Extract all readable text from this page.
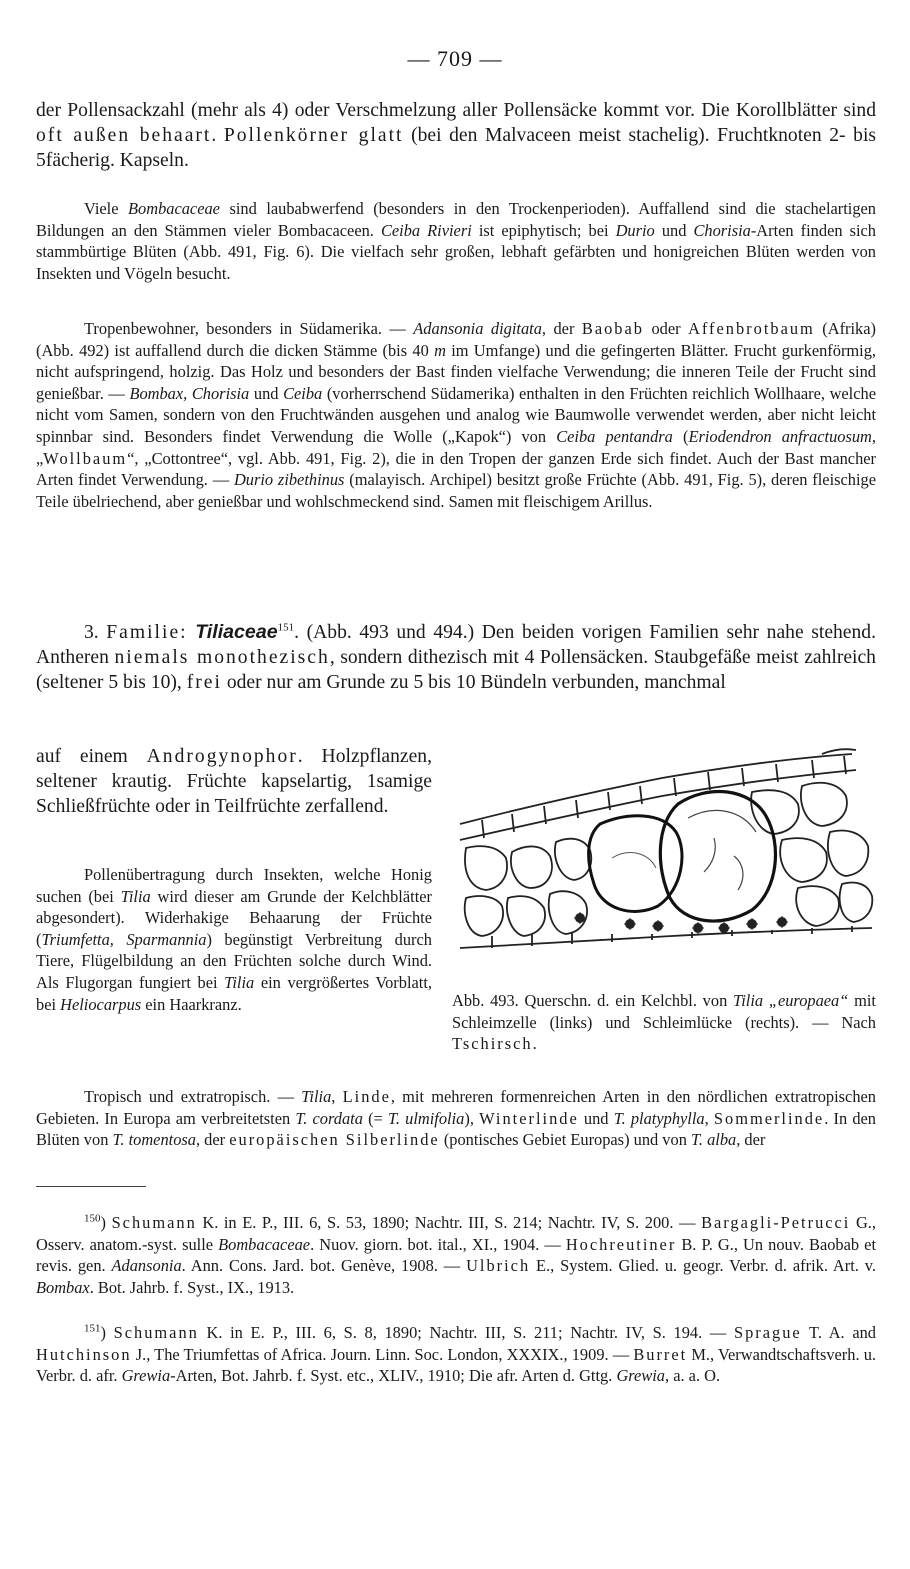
— 709 —

der Pollensackzahl (mehr als 4) oder Verschmelzung aller Pollensäcke kommt vor. Die Korollblätter sind oft außen behaart. Pollenkörner glatt (bei den Malvaceen meist stachelig). Fruchtknoten 2- bis 5fächerig. Kapseln.

Viele Bombacaceae sind laubabwerfend (besonders in den Trockenperioden). Auffallend sind die stachelartigen Bildungen an den Stämmen vieler Bombacaceen. Ceiba Rivieri ist epiphytisch; bei Durio und Chorisia-Arten finden sich stammbürtige Blüten (Abb. 491, Fig. 6). Die vielfach sehr großen, lebhaft gefärbten und honigreichen Blüten werden von Insekten und Vögeln besucht.

Tropenbewohner, besonders in Südamerika. — Adansonia digitata, der Baobab oder Affenbrotbaum (Afrika) (Abb. 492) ist auffallend durch die dicken Stämme (bis 40 m im Umfange) und die gefingerten Blätter. Frucht gurkenförmig, nicht aufspringend, holzig. Das Holz und besonders der Bast finden vielfache Verwendung; die inneren Teile der Frucht sind genießbar. — Bombax, Chorisia und Ceiba (vorherrschend Südamerika) enthalten in den Früchten reichlich Wollhaare, welche nicht vom Samen, sondern von den Fruchtwänden ausgehen und analog wie Baumwolle verwendet werden, aber nicht leicht spinnbar sind. Besonders findet Verwendung die Wolle („Kapok“) von Ceiba pentandra (Eriodendron anfractuosum, „Wollbaum“, „Cottontree“, vgl. Abb. 491, Fig. 2), die in den Tropen der ganzen Erde sich findet. Auch der Bast mancher Arten findet Verwendung. — Durio zibethinus (malayisch. Archipel) besitzt große Früchte (Abb. 491, Fig. 5), deren fleischige Teile übelriechend, aber genießbar und wohlschmeckend sind. Samen mit fleischigem Arillus.

3. Familie: Tiliaceae$^{151}$. (Abb. 493 und 494.) Den beiden vorigen Familien sehr nahe stehend. Antheren niemals monothezisch, sondern dithezisch mit 4 Pollensäcken. Staubgefäße meist zahlreich (seltener 5 bis 10), frei oder nur am Grunde zu 5 bis 10 Bündeln verbunden, manchmal

auf einem Androgynophor. Holzpflanzen, seltener krautig. Früchte kapselartig, 1samige Schließfrüchte oder in Teilfrüchte zerfallend.

Pollenübertragung durch Insekten, welche Honig suchen (bei Tilia wird dieser am Grunde der Kelchblätter abgesondert). Widerhakige Behaarung der Früchte (Triumfetta, Sparmannia) begünstigt Verbreitung durch Tiere, Flügelbildung an den Früchten solche durch Wind. Als Flugorgan fungiert bei Tilia ein vergrößertes Vorblatt, bei Heliocarpus ein Haarkranz.	Abb. 493. Querschn. d. ein Kelchbl. von Tilia „europaea“ mit Schleimzelle (links) und Schleimlücke (rechts). — Nach Tschirsch.

Tropisch und extratropisch. — Tilia, Linde, mit mehreren formenreichen Arten in den nördlichen extratropischen Gebieten. In Europa am verbreitetsten T. cordata (= T. ulmifolia), Winterlinde und T. platyphylla, Sommerlinde. In den Blüten von T. tomentosa, der europäischen Silberlinde (pontisches Gebiet Europas) und von T. alba, der

$^{150}$) Schumann K. in E. P., III. 6, S. 53, 1890; Nachtr. III, S. 214; Nachtr. IV, S. 200. — Bargagli-Petrucci G., Osserv. anatom.-syst. sulle Bombacaceae. Nuov. giorn. bot. ital., XI., 1904. — Hochreutiner B. P. G., Un nouv. Baobab et revis. gen. Adansonia. Ann. Cons. Jard. bot. Genève, 1908. — Ulbrich E., System. Glied. u. geogr. Verbr. d. afrik. Art. v. Bombax. Bot. Jahrb. f. Syst., IX., 1913.

$^{151}$) Schumann K. in E. P., III. 6, S. 8, 1890; Nachtr. III, S. 211; Nachtr. IV, S. 194. — Sprague T. A. and Hutchinson J., The Triumfettas of Africa. Journ. Linn. Soc. London, XXXIX., 1909. — Burret M., Verwandtschaftsverh. u. Verbr. d. afr. Grewia-Arten, Bot. Jahrb. f. Syst. etc., XLIV., 1910; Die afr. Arten d. Gttg. Grewia, a. a. O.
